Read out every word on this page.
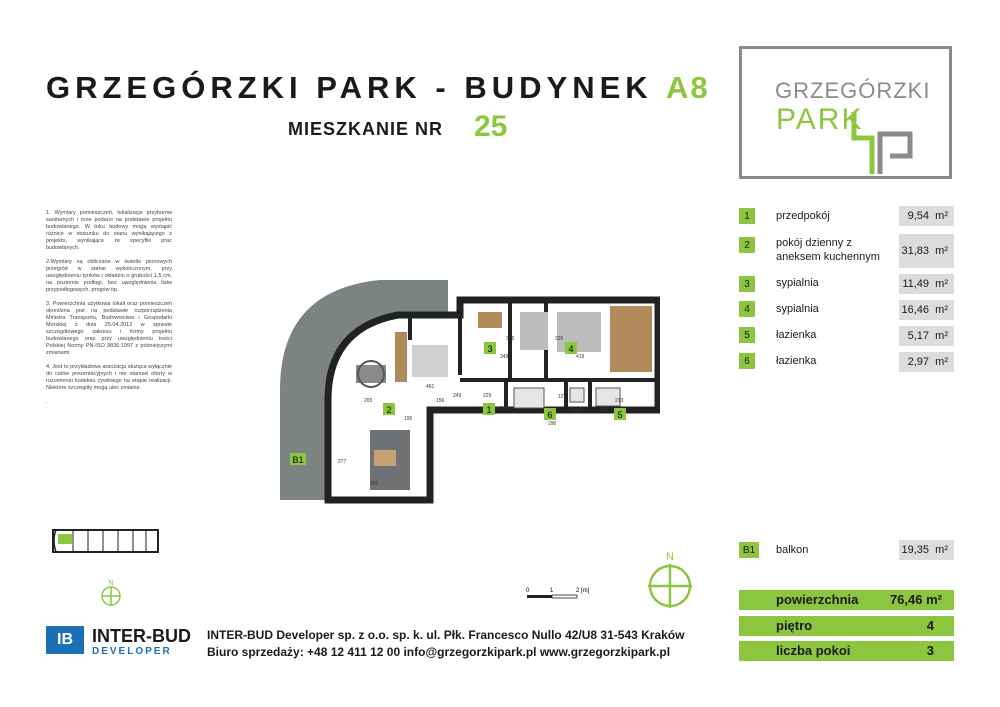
GRZEGÓRZKI PARK - BUDYNEK A8
MIESZKANIE NR 25
GRZEGÓRZKI
PARK

1. Wymiary pomieszczeń, lokalizacje przyborów sanitarnych i inne podano na podstawie projektu budowlanego. W toku budowy mogą wystąpić różnice w stosunku do stanu wynikającego z projektu, wynikające ze specyfiki prac budowlanych.

2.Wymiary są obliczane w świetle pionowych przegród w stanie wykończonym, przy uwzględnieniu tynków i okładzin o grubości 1,5 cm, na poziomie podłogi, bez uwzględnienia listw przypodłogowych, progów itp.

3. Powierzchnia użytkowa lokali oraz pomieszczeń określona jest na podstawie rozporządzenia Ministra Transportu, Budownictwa i Gospodarki Morskiej z dnia 25.04.2012 w sprawie szczegółowego zakresu i formy projektu budowlanego oraz przy uwzględnieniu treści Polskiej Normy PN-ISO 9836:1997 z późniejszymi zmianami.

4. Jest to przykładowa aranżacja służąca wyłącznie do celów prezentacyjnych i nie stanowi oferty w rozumieniu kodeksu cywilnego na etapie realizacji. Niektóre szczegóły mogą ulec zmianie.

.

2	1
3	4
5
6
B1
335
349
335
419
265	156
229
249
277
395
213
290
195
461
249
105
127
203
1	przedpokój	9,54
m²
2	pokój dzienny z aneksem kuchennym	31,83
m²
3	sypialnia	11,49
m²
4	sypialnia	16,46
m²
5	łazienka	5,17
m²
6	łazienka	2,97
m²
B1	balkon	19,35
m²
powierzchnia 76,46 m²
piętro	4
liczba pokoi	3
N
N
0	1	2 [m]
IB	INTER-BUD
DEVELOPER
INTER-BUD Developer sp. z o.o. sp. k. ul. Płk. Francesco Nullo 42/U8 31-543 Kraków
Biuro sprzedaży: +48 12 411 12 00 info@grzegorzkipark.pl www.grzegorzkipark.pl
